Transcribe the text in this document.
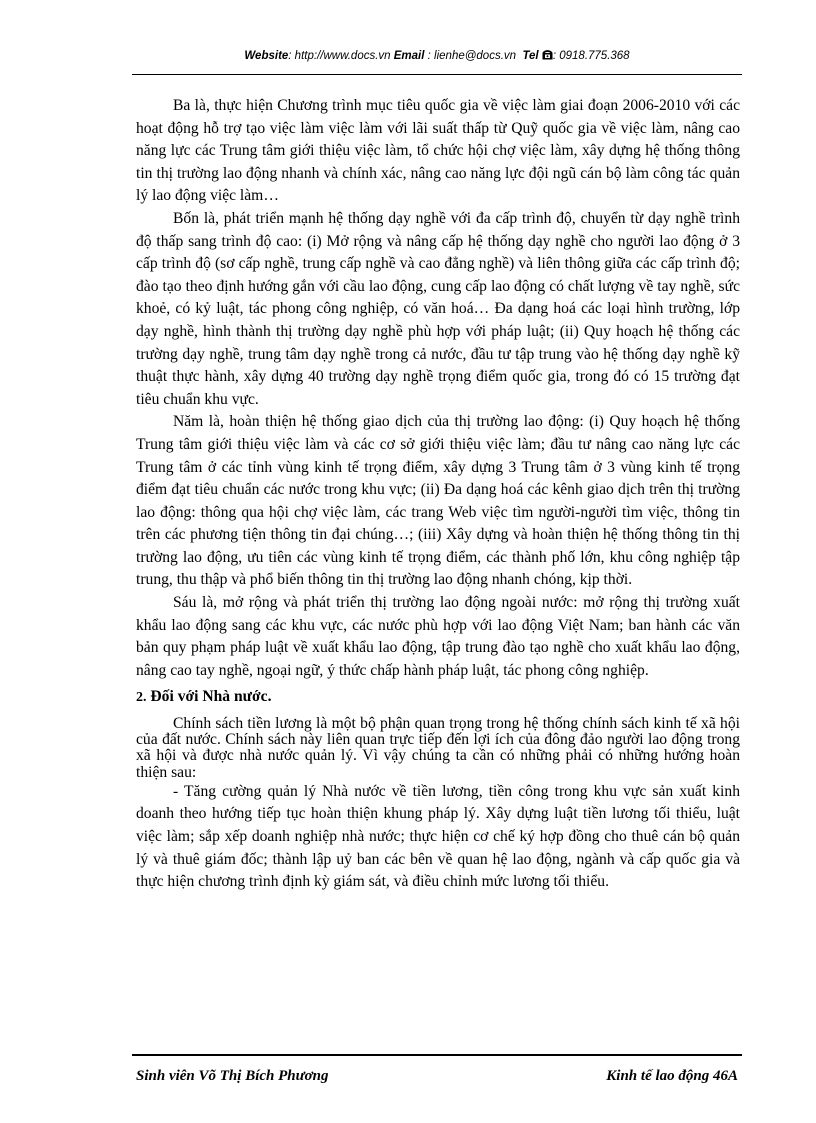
Website: http://www.docs.vn Email : lienhe@docs.vn Tel : 0918.775.368

Ba là, thực hiện Chương trình mục tiêu quốc gia về việc làm giai đoạn 2006-2010 với các hoạt động hỗ trợ tạo việc làm việc làm với lãi suất thấp từ Quỹ quốc gia về việc làm, nâng cao năng lực các Trung tâm giới thiệu việc làm, tổ chức hội chợ việc làm, xây dựng hệ thống thông tin thị trường lao động nhanh và chính xác, nâng cao năng lực đội ngũ cán bộ làm công tác quản lý lao động việc làm…

Bốn là, phát triển mạnh hệ thống dạy nghề với đa cấp trình độ, chuyển từ dạy nghề trình độ thấp sang trình độ cao: (i) Mở rộng và nâng cấp hệ thống dạy nghề cho người lao động ở 3 cấp trình độ (sơ cấp nghề, trung cấp nghề và cao đẳng nghề) và liên thông giữa các cấp trình độ; đào tạo theo định hướng gắn với cầu lao động, cung cấp lao động có chất lượng về tay nghề, sức khoẻ, có kỷ luật, tác phong công nghiệp, có văn hoá… Đa dạng hoá các loại hình trường, lớp dạy nghề, hình thành thị trường dạy nghề phù hợp với pháp luật; (ii) Quy hoạch hệ thống các trường dạy nghề, trung tâm dạy nghề trong cả nước, đầu tư tập trung vào hệ thống dạy nghề kỹ thuật thực hành, xây dựng 40 trường dạy nghề trọng điểm quốc gia, trong đó có 15 trường đạt tiêu chuẩn khu vực.

Năm là, hoàn thiện hệ thống giao dịch của thị trường lao động: (i) Quy hoạch hệ thống Trung tâm giới thiệu việc làm và các cơ sở giới thiệu việc làm; đầu tư nâng cao năng lực các Trung tâm ở các tỉnh vùng kinh tế trọng điểm, xây dựng 3 Trung tâm ở 3 vùng kinh tế trọng điểm đạt tiêu chuẩn các nước trong khu vực; (ii) Đa dạng hoá các kênh giao dịch trên thị trường lao động: thông qua hội chợ việc làm, các trang Web việc tìm người-người tìm việc, thông tin trên các phương tiện thông tin đại chúng…; (iii) Xây dựng và hoàn thiện hệ thống thông tin thị trường lao động, ưu tiên các vùng kinh tế trọng điểm, các thành phố lớn, khu công nghiệp tập trung, thu thập và phổ biến thông tin thị trường lao động nhanh chóng, kịp thời.

Sáu là, mở rộng và phát triển thị trường lao động ngoài nước: mở rộng thị trường xuất khẩu lao động sang các khu vực, các nước phù hợp với lao động Việt Nam; ban hành các văn bản quy phạm pháp luật về xuất khẩu lao động, tập trung đào tạo nghề cho xuất khẩu lao động, nâng cao tay nghề, ngoại ngữ, ý thức chấp hành pháp luật, tác phong công nghiệp.

2. Đối với Nhà nước.

Chính sách tiền lương là một bộ phận quan trọng trong hệ thống chính sách kinh tế xã hội của đất nước. Chính sách này liên quan trực tiếp đến lợi ích của đông đảo người lao động trong xã hội và được nhà nước quản lý. Vì vậy chúng ta cần có những phải có những hướng hoàn thiện sau:

- Tăng cường quản lý Nhà nước về tiền lương, tiền công trong khu vực sản xuất kinh doanh theo hướng tiếp tục hoàn thiện khung pháp lý. Xây dựng luật tiền lương tối thiểu, luật việc làm; sắp xếp doanh nghiệp nhà nước; thực hiện cơ chế ký hợp đồng cho thuê cán bộ quản lý và thuê giám đốc; thành lập uỷ ban các bên về quan hệ lao động, ngành và cấp quốc gia và thực hiện chương trình định kỳ giám sát, và điều chỉnh mức lương tối thiểu.

Sinh viên Võ Thị Bích Phương	Kinh tế lao động 46A
